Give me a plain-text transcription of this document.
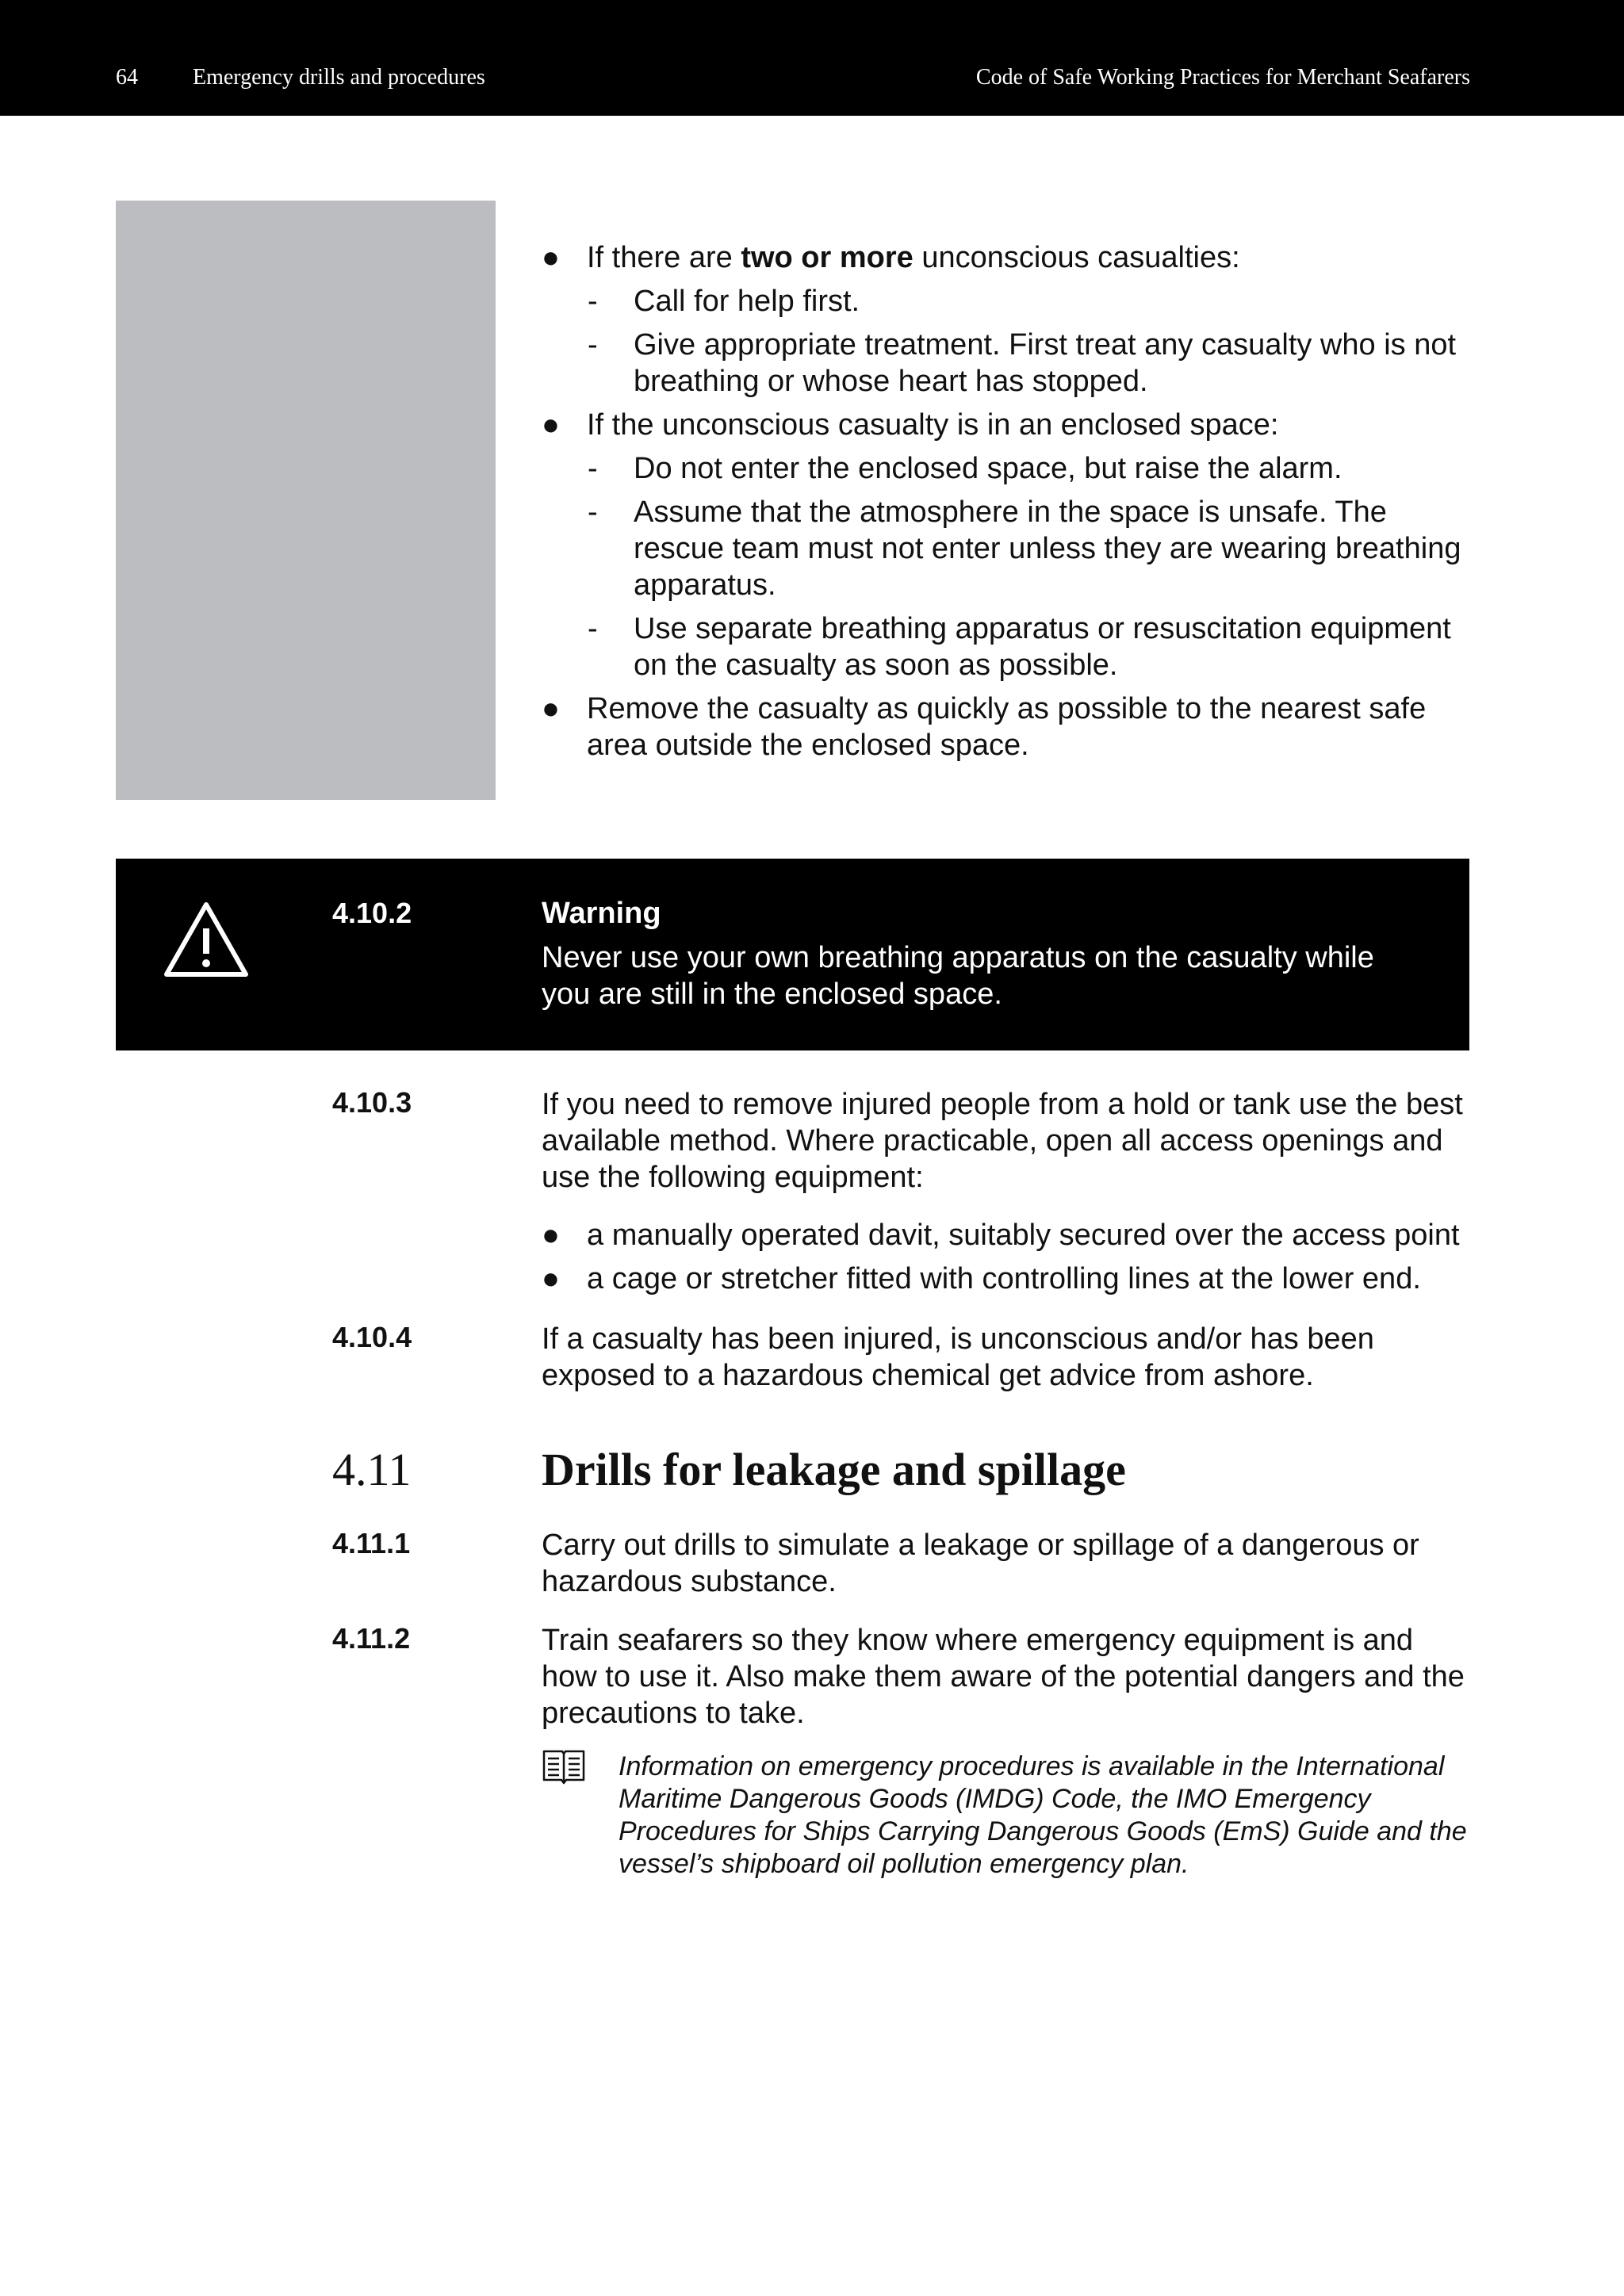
64 Emergency drills and procedures	Code of Safe Working Practices for Merchant Seafarers
● If there are two or more unconscious casualties:
- Call for help first.
- Give appropriate treatment. First treat any casualty who is not breathing or whose heart has stopped.
● If the unconscious casualty is in an enclosed space:
- Do not enter the enclosed space, but raise the alarm.
- Assume that the atmosphere in the space is unsafe. The rescue team must not enter unless they are wearing breathing apparatus.
- Use separate breathing apparatus or resuscitation equipment on the casualty as soon as possible.
● Remove the casualty as quickly as possible to the nearest safe area outside the enclosed space.
4.10.2	Warning
Never use your own breathing apparatus on the casualty while you are still in the enclosed space.
4.10.3	If you need to remove injured people from a hold or tank use the best available method. Where practicable, open all access openings and use the following equipment:
● a manually operated davit, suitably secured over the access point
● a cage or stretcher fitted with controlling lines at the lower end.
4.10.4	If a casualty has been injured, is unconscious and/or has been exposed to a hazardous chemical get advice from ashore.
4.11	Drills for leakage and spillage
4.11.1	Carry out drills to simulate a leakage or spillage of a dangerous or hazardous substance.
4.11.2	Train seafarers so they know where emergency equipment is and how to use it. Also make them aware of the potential dangers and the precautions to take.
Information on emergency procedures is available in the International Maritime Dangerous Goods (IMDG) Code, the IMO Emergency Procedures for Ships Carrying Dangerous Goods (EmS) Guide and the vessel’s shipboard oil pollution emergency plan.
